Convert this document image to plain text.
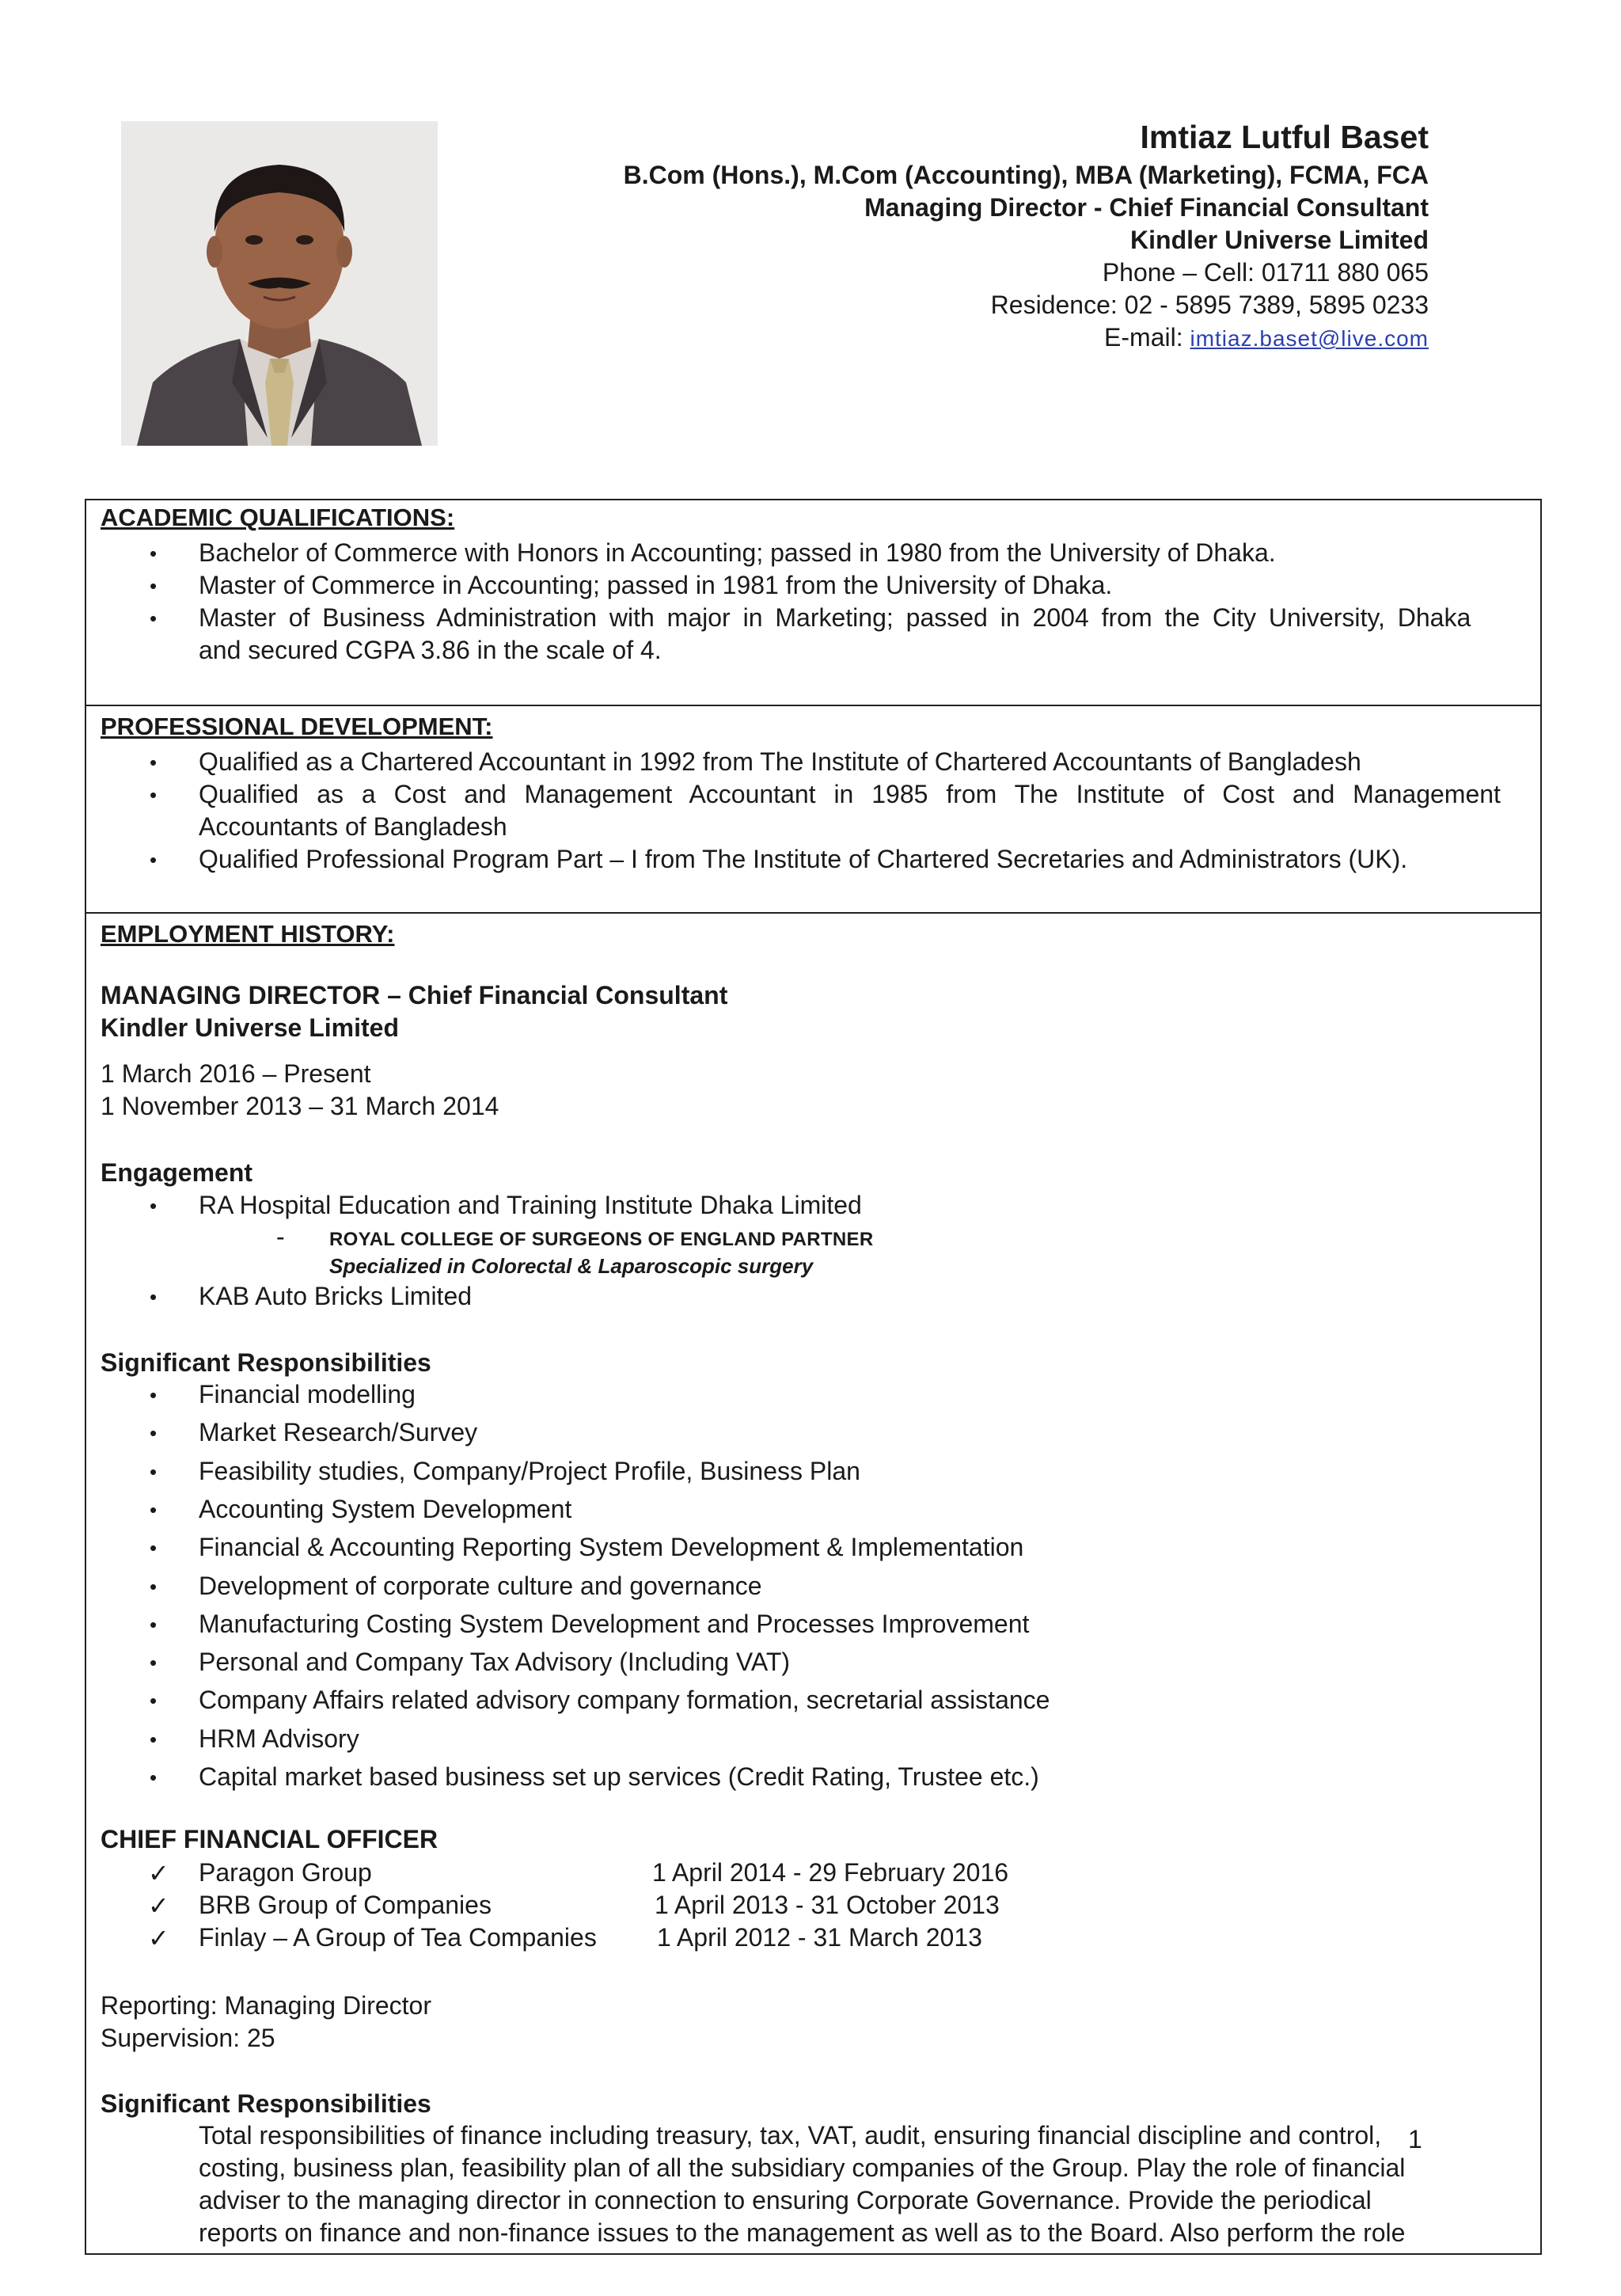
Imtiaz Lutful Baset
B.Com (Hons.), M.Com (Accounting), MBA (Marketing), FCMA, FCA
Managing Director - Chief Financial Consultant
Kindler Universe Limited
Phone – Cell: 01711 880 065
Residence: 02 - 5895 7389, 5895 0233
E-mail: imtiaz.baset@live.com
ACADEMIC QUALIFICATIONS:
• Bachelor of Commerce with Honors in Accounting; passed in 1980 from the University of Dhaka.
• Master of Commerce in Accounting; passed in 1981 from the University of Dhaka.
• Master of Business Administration with major in Marketing; passed in 2004 from the City University, Dhaka
and secured CGPA 3.86 in the scale of 4.
PROFESSIONAL DEVELOPMENT:
• Qualified as a Chartered Accountant in 1992 from The Institute of Chartered Accountants of Bangladesh
• Qualified as a Cost and Management Accountant in 1985 from The Institute of Cost and Management
Accountants of Bangladesh
• Qualified Professional Program Part – I from The Institute of Chartered Secretaries and Administrators (UK).
EMPLOYMENT HISTORY:
MANAGING DIRECTOR – Chief Financial Consultant
Kindler Universe Limited
1 March 2016 – Present
1 November 2013 – 31 March 2014
Engagement
• RA Hospital Education and Training Institute Dhaka Limited
- ROYAL COLLEGE OF SURGEONS OF ENGLAND PARTNER
Specialized in Colorectal & Laparoscopic surgery
• KAB Auto Bricks Limited
Significant Responsibilities
• Financial modelling
• Market Research/Survey
• Feasibility studies, Company/Project Profile, Business Plan
• Accounting System Development
• Financial & Accounting Reporting System Development & Implementation
• Development of corporate culture and governance
• Manufacturing Costing System Development and Processes Improvement
• Personal and Company Tax Advisory (Including VAT)
• Company Affairs related advisory company formation, secretarial assistance
• HRM Advisory
• Capital market based business set up services (Credit Rating, Trustee etc.)
CHIEF FINANCIAL OFFICER
✓ Paragon Group	1 April 2014 - 29 February 2016
✓ BRB Group of Companies	1 April 2013 - 31 October 2013
✓ Finlay – A Group of Tea Companies 1 April 2012 - 31 March 2013
Reporting: Managing Director
Supervision: 25
Significant Responsibilities
Total responsibilities of finance including treasury, tax, VAT, audit, ensuring financial discipline and control,
costing, business plan, feasibility plan of all the subsidiary companies of the Group. Play the role of financial
adviser to the managing director in connection to ensuring Corporate Governance. Provide the periodical
reports on finance and non-finance issues to the management as well as to the Board. Also perform the role
1
